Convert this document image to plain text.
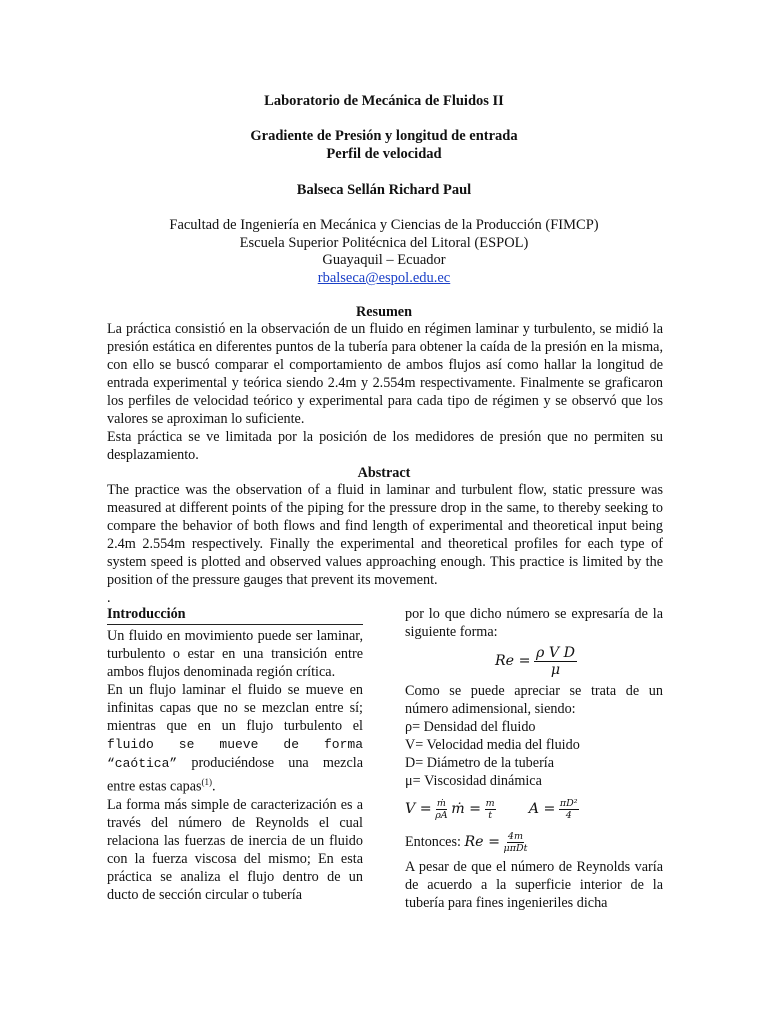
Laboratorio de Mecánica de Fluidos II
Gradiente de Presión y longitud de entrada
Perfil de velocidad
Balseca Sellán Richard Paul
Facultad de Ingeniería en Mecánica y Ciencias de la Producción (FIMCP)
Escuela Superior Politécnica del Litoral (ESPOL)
Guayaquil – Ecuador
rbalseca@espol.edu.ec
Resumen

La práctica consistió en la observación de un fluido en régimen laminar y turbulento, se midió la presión estática en diferentes puntos de la tubería para obtener la caída de la presión en la misma, con ello se buscó comparar el comportamiento de ambos flujos así como hallar la longitud de entrada experimental y teórica siendo 2.4m y 2.554m respectivamente. Finalmente se graficaron los perfiles de velocidad teórico y experimental para cada tipo de régimen y se observó que los valores se aproximan lo suficiente.

Esta práctica se ve limitada por la posición de los medidores de presión que no permiten su desplazamiento.

Abstract

The practice was the observation of a fluid in laminar and turbulent flow, static pressure was measured at different points of the piping for the pressure drop in the same, to thereby seeking to compare the behavior of both flows and find length of experimental and theoretical input being 2.4m 2.554m respectively. Finally the experimental and theoretical profiles for each type of system speed is plotted and observed values approaching enough. This practice is limited by the position of the pressure gauges that prevent its movement.

.

Introducción

Un fluido en movimiento puede ser laminar, turbulento o estar en una transición entre ambos flujos denominada región crítica.

En un flujo laminar el fluido se mueve en infinitas capas que no se mezclan entre sí; mientras que en un flujo turbulento el fluido se mueve de forma “caótica” produciéndose una mezcla entre estas capas$^{(1)}$.

La forma más simple de caracterización es a través del número de Reynolds el cual relaciona las fuerzas de inercia de un fluido con la fuerza viscosa del mismo; En esta práctica se analiza el flujo dentro de un ducto de sección circular o tubería

por lo que dicho número se expresaría de la siguiente forma:

$Re = \frac{\text{ρ V D}}{\mu}$

Como se puede apreciar se trata de un número adimensional, siendo:

ρ= Densidad del fluido
V= Velocidad media del fluido
D= Diámetro de la tubería
μ= Viscosidad dinámica
$V = \frac{\text{ṁ}}{\rho A}$ ṁ = $\frac{m}{t}$ $A = \frac{\text{πD²}}{4}$
Entonces: $Re = \frac{4m}{\text{μπDt}}$

A pesar de que el número de Reynolds varía de acuerdo a la superficie interior de la tubería para fines ingenieriles dicha
